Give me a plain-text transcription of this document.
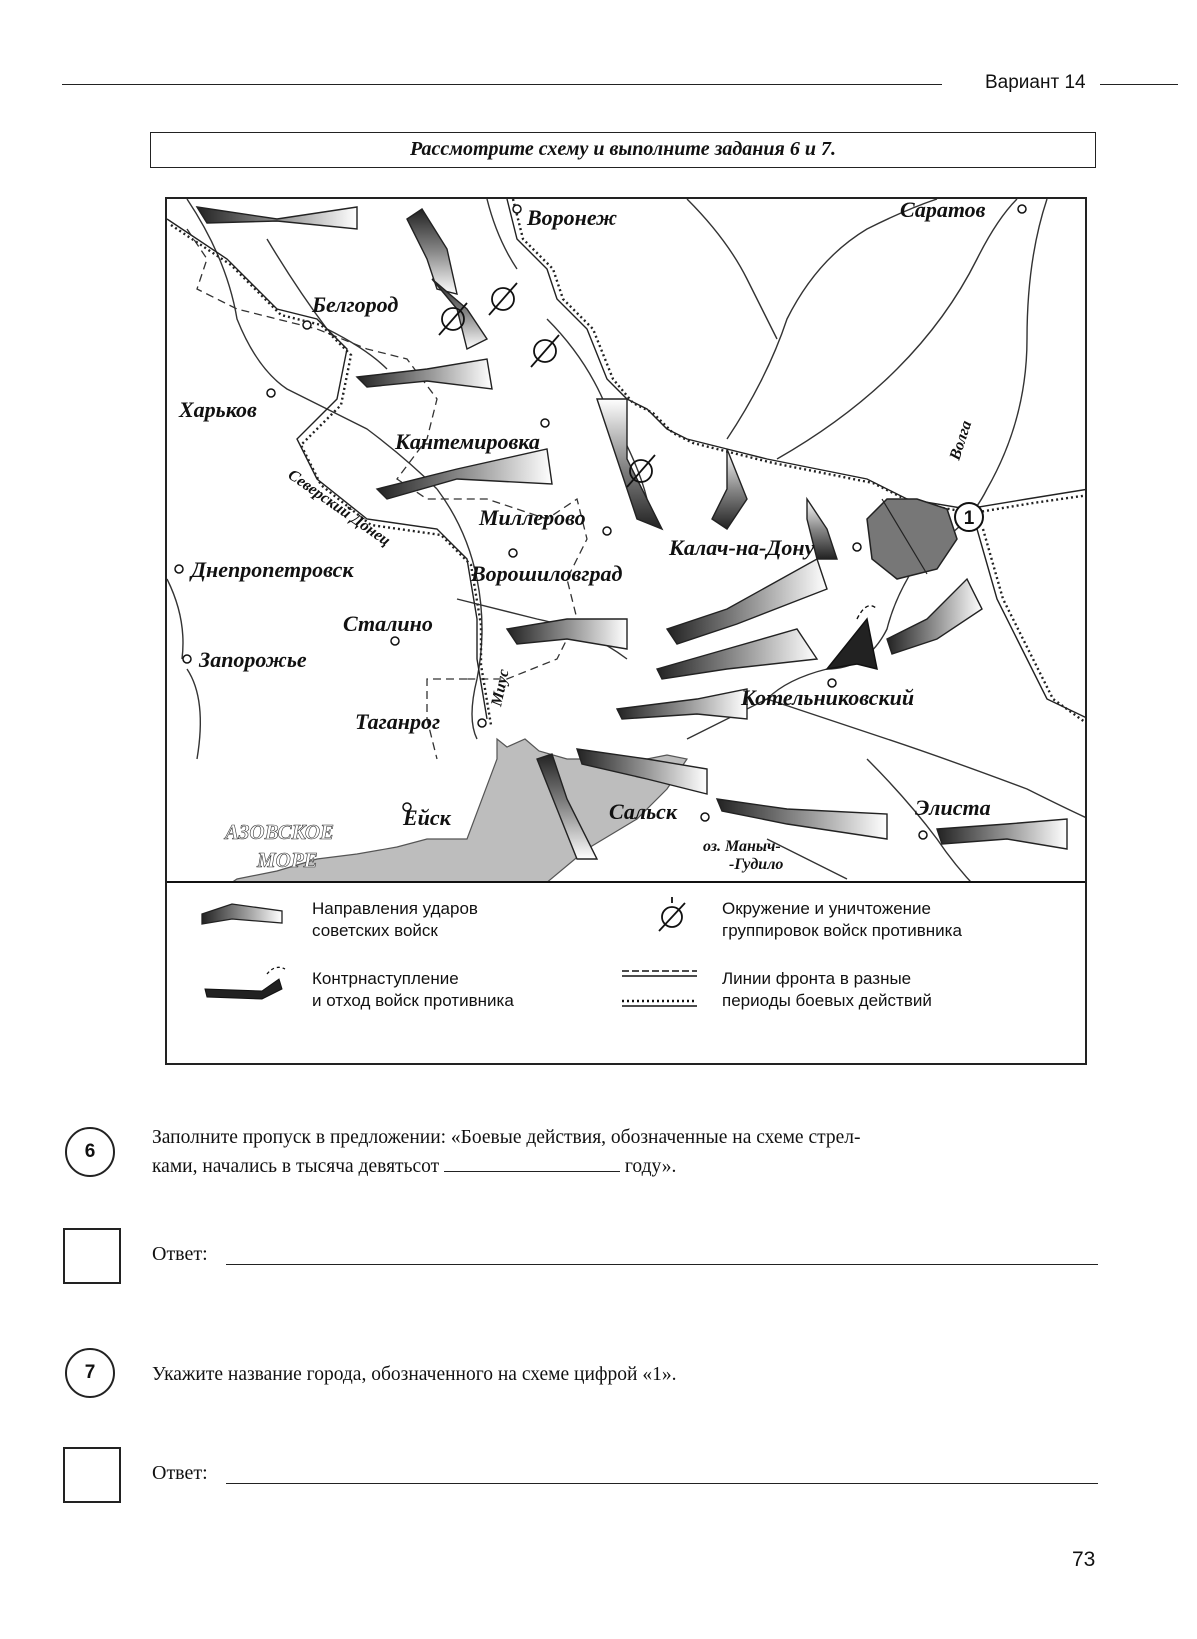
Вариант 14
Рассмотрите схему и выполните задания 6 и 7.
Воронеж	Саратов
Белгород
Харьков
Кантемировка
Миллерово
Калач-на-Дону
Ворошиловград
Днепропетровск
Сталино
Запорожье
Таганрог
Котельниковский
Ейск	Сальск	Элиста
АЗОВСКОЕ
МОРЕ
Волга
Северский Донец
Миус
оз. Маныч-
-Гудило
1
Направления ударов
советских войск
Окружение и уничтожение
группировок войск противника
Контрнаступление
и отход войск противника
Линии фронта в разные
периоды боевых действий
6
Заполните пропуск в предложении: «Боевые действия, обозначенные на схеме стрел-
ками, начались в тысяча девятьсот	году».
Ответ:
7	Укажите название города, обозначенного на схеме цифрой «1».
Ответ:
73
